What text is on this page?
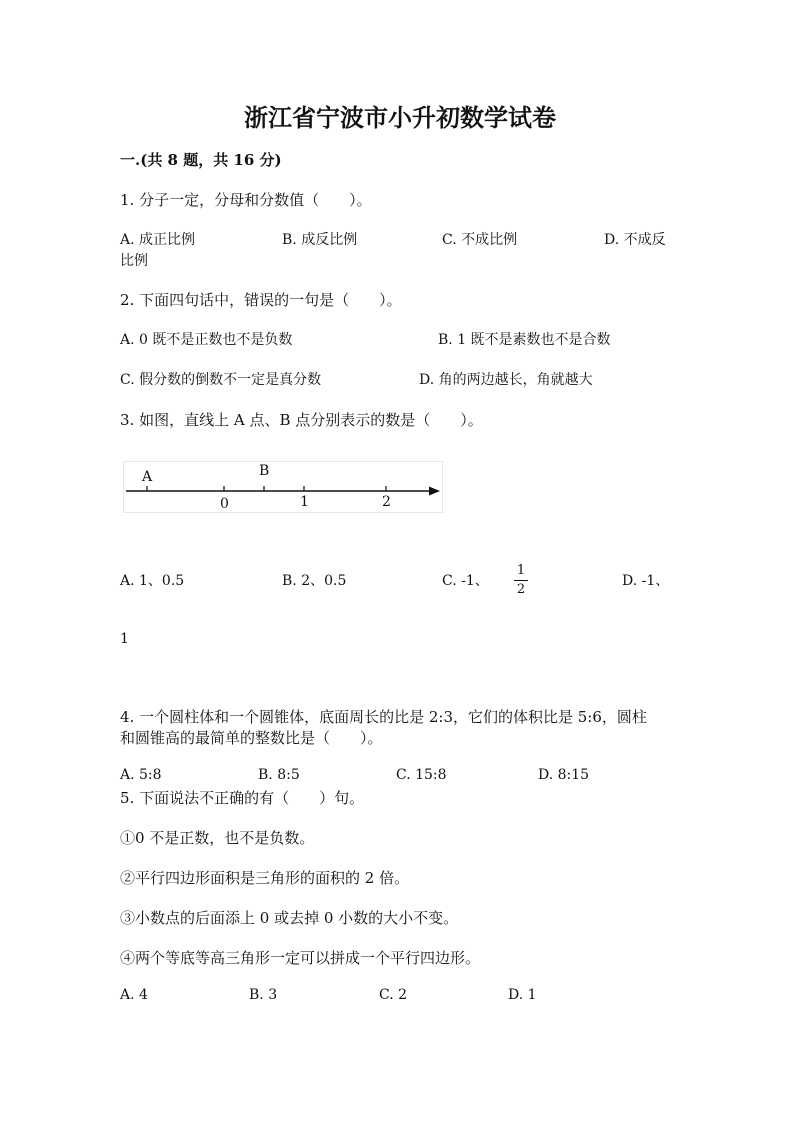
浙江省宁波市小升初数学试卷
一.(共 8 题，共 16 分)
1. 分子一定，分母和分数值（　　）。
A. 成正比例	B. 成反比例	C. 不成比例	D. 不成反
比例
2. 下面四句话中，错误的一句是（　　）。
A. 0 既不是正数也不是负数	B. 1 既不是素数也不是合数
C. 假分数的倒数不一定是真分数	D. 角的两边越长，角就越大
3. 如图，直线上 A 点、B 点分别表示的数是（　　）。
A	B
0	1	2
A. 1、0.5	B. 2、0.5	C. -1、
1
2
D. -1、
1
4. 一个圆柱体和一个圆锥体，底面周长的比是 2:3，它们的体积比是 5:6，圆柱
和圆锥高的最简单的整数比是（　　）。
A. 5:8	B. 8:5	C. 15:8	D. 8:15
5. 下面说法不正确的有（　　）句。
①0 不是正数，也不是负数。
②平行四边形面积是三角形的面积的 2 倍。
③小数点的后面添上 0 或去掉 0 小数的大小不变。
④两个等底等高三角形一定可以拼成一个平行四边形。
A. 4	B. 3	C. 2	D. 1
